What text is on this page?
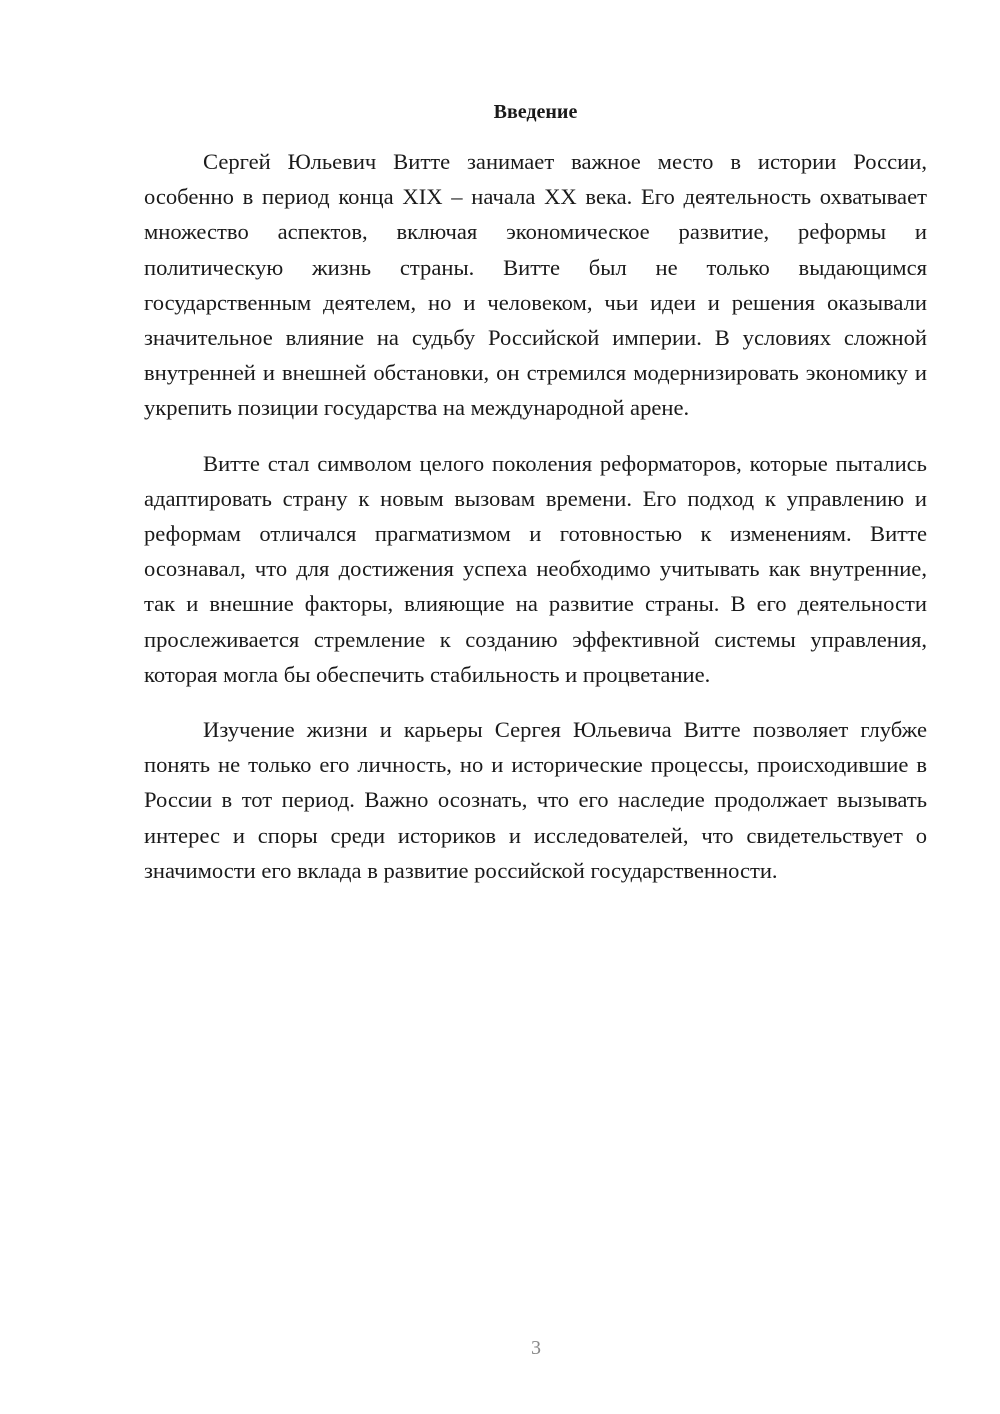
Введение

Сергей Юльевич Витте занимает важное место в истории России, особенно в период конца XIX – начала XX века. Его деятельность охватывает множество аспектов, включая экономическое развитие, реформы и политическую жизнь страны. Витте был не только выдающимся государственным деятелем, но и человеком, чьи идеи и решения оказывали значительное влияние на судьбу Российской империи. В условиях сложной внутренней и внешней обстановки, он стремился модернизировать экономику и укрепить позиции государства на международной арене.

Витте стал символом целого поколения реформаторов, которые пытались адаптировать страну к новым вызовам времени. Его подход к управлению и реформам отличался прагматизмом и готовностью к изменениям. Витте осознавал, что для достижения успеха необходимо учитывать как внутренние, так и внешние факторы, влияющие на развитие страны. В его деятельности прослеживается стремление к созданию эффективной системы управления, которая могла бы обеспечить стабильность и процветание.

Изучение жизни и карьеры Сергея Юльевича Витте позволяет глубже понять не только его личность, но и исторические процессы, происходившие в России в тот период. Важно осознать, что его наследие продолжает вызывать интерес и споры среди историков и исследователей, что свидетельствует о значимости его вклада в развитие российской государственности.

3
